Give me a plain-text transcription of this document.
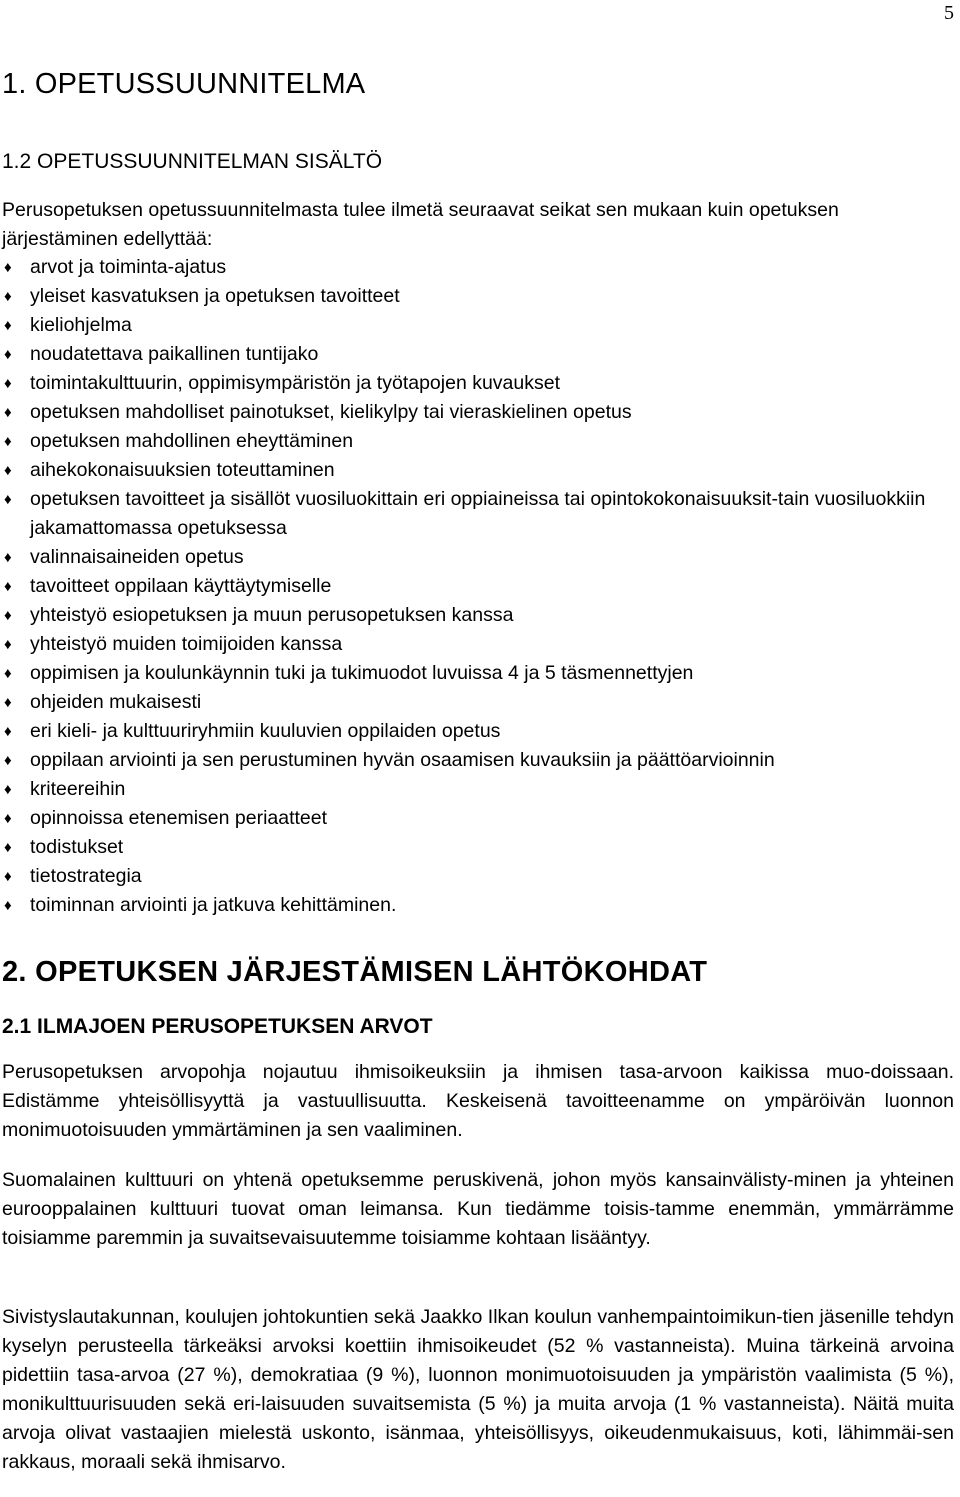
5
1. OPETUSSUUNNITELMA
1.2 OPETUSSUUNNITELMAN SISÄLTÖ

Perusopetuksen opetussuunnitelmasta tulee ilmetä seuraavat seikat sen mukaan kuin opetuksen järjestäminen edellyttää:

♦ arvot ja toiminta-ajatus
♦ yleiset kasvatuksen ja opetuksen tavoitteet
♦ kieliohjelma
♦ noudatettava paikallinen tuntijako
♦ toimintakulttuurin, oppimisympäristön ja työtapojen kuvaukset
♦ opetuksen mahdolliset painotukset, kielikylpy tai vieraskielinen opetus
♦ opetuksen mahdollinen eheyttäminen
♦ aihekokonaisuuksien toteuttaminen
♦ opetuksen tavoitteet ja sisällöt vuosiluokittain eri oppiaineissa tai opintokokonaisuuksit-tain vuosiluokkiin jakamattomassa opetuksessa
♦ valinnaisaineiden opetus
♦ tavoitteet oppilaan käyttäytymiselle
♦ yhteistyö esiopetuksen ja muun perusopetuksen kanssa
♦ yhteistyö muiden toimijoiden kanssa
♦ oppimisen ja koulunkäynnin tuki ja tukimuodot luvuissa 4 ja 5 täsmennettyjen
♦ ohjeiden mukaisesti
♦ eri kieli- ja kulttuuriryhmiin kuuluvien oppilaiden opetus
♦ oppilaan arviointi ja sen perustuminen hyvän osaamisen kuvauksiin ja päättöarvioinnin
♦ kriteereihin
♦ opinnoissa etenemisen periaatteet
♦ todistukset
♦ tietostrategia
♦ toiminnan arviointi ja jatkuva kehittäminen.
2. OPETUKSEN JÄRJESTÄMISEN LÄHTÖKOHDAT
2.1 ILMAJOEN PERUSOPETUKSEN ARVOT

Perusopetuksen arvopohja nojautuu ihmisoikeuksiin ja ihmisen tasa-arvoon kaikissa muo-doissaan. Edistämme yhteisöllisyyttä ja vastuullisuutta. Keskeisenä tavoitteenamme on ympäröivän luonnon monimuotoisuuden ymmärtäminen ja sen vaaliminen.

Suomalainen kulttuuri on yhtenä opetuksemme peruskivenä, johon myös kansainvälisty-minen ja yhteinen eurooppalainen kulttuuri tuovat oman leimansa. Kun tiedämme toisis-tamme enemmän, ymmärrämme toisiamme paremmin ja suvaitsevaisuutemme toisiamme kohtaan lisääntyy.

Sivistyslautakunnan, koulujen johtokuntien sekä Jaakko Ilkan koulun vanhempaintoimikun-tien jäsenille tehdyn kyselyn perusteella tärkeäksi arvoksi koettiin ihmisoikeudet (52 % vastanneista). Muina tärkeinä arvoina pidettiin tasa-arvoa (27 %), demokratiaa (9 %), luonnon monimuotoisuuden ja ympäristön vaalimista (5 %), monikulttuurisuuden sekä eri-laisuuden suvaitsemista (5 %) ja muita arvoja (1 % vastanneista). Näitä muita arvoja olivat vastaajien mielestä uskonto, isänmaa, yhteisöllisyys, oikeudenmukaisuus, koti, lähimmäi-sen rakkaus, moraali sekä ihmisarvo.
